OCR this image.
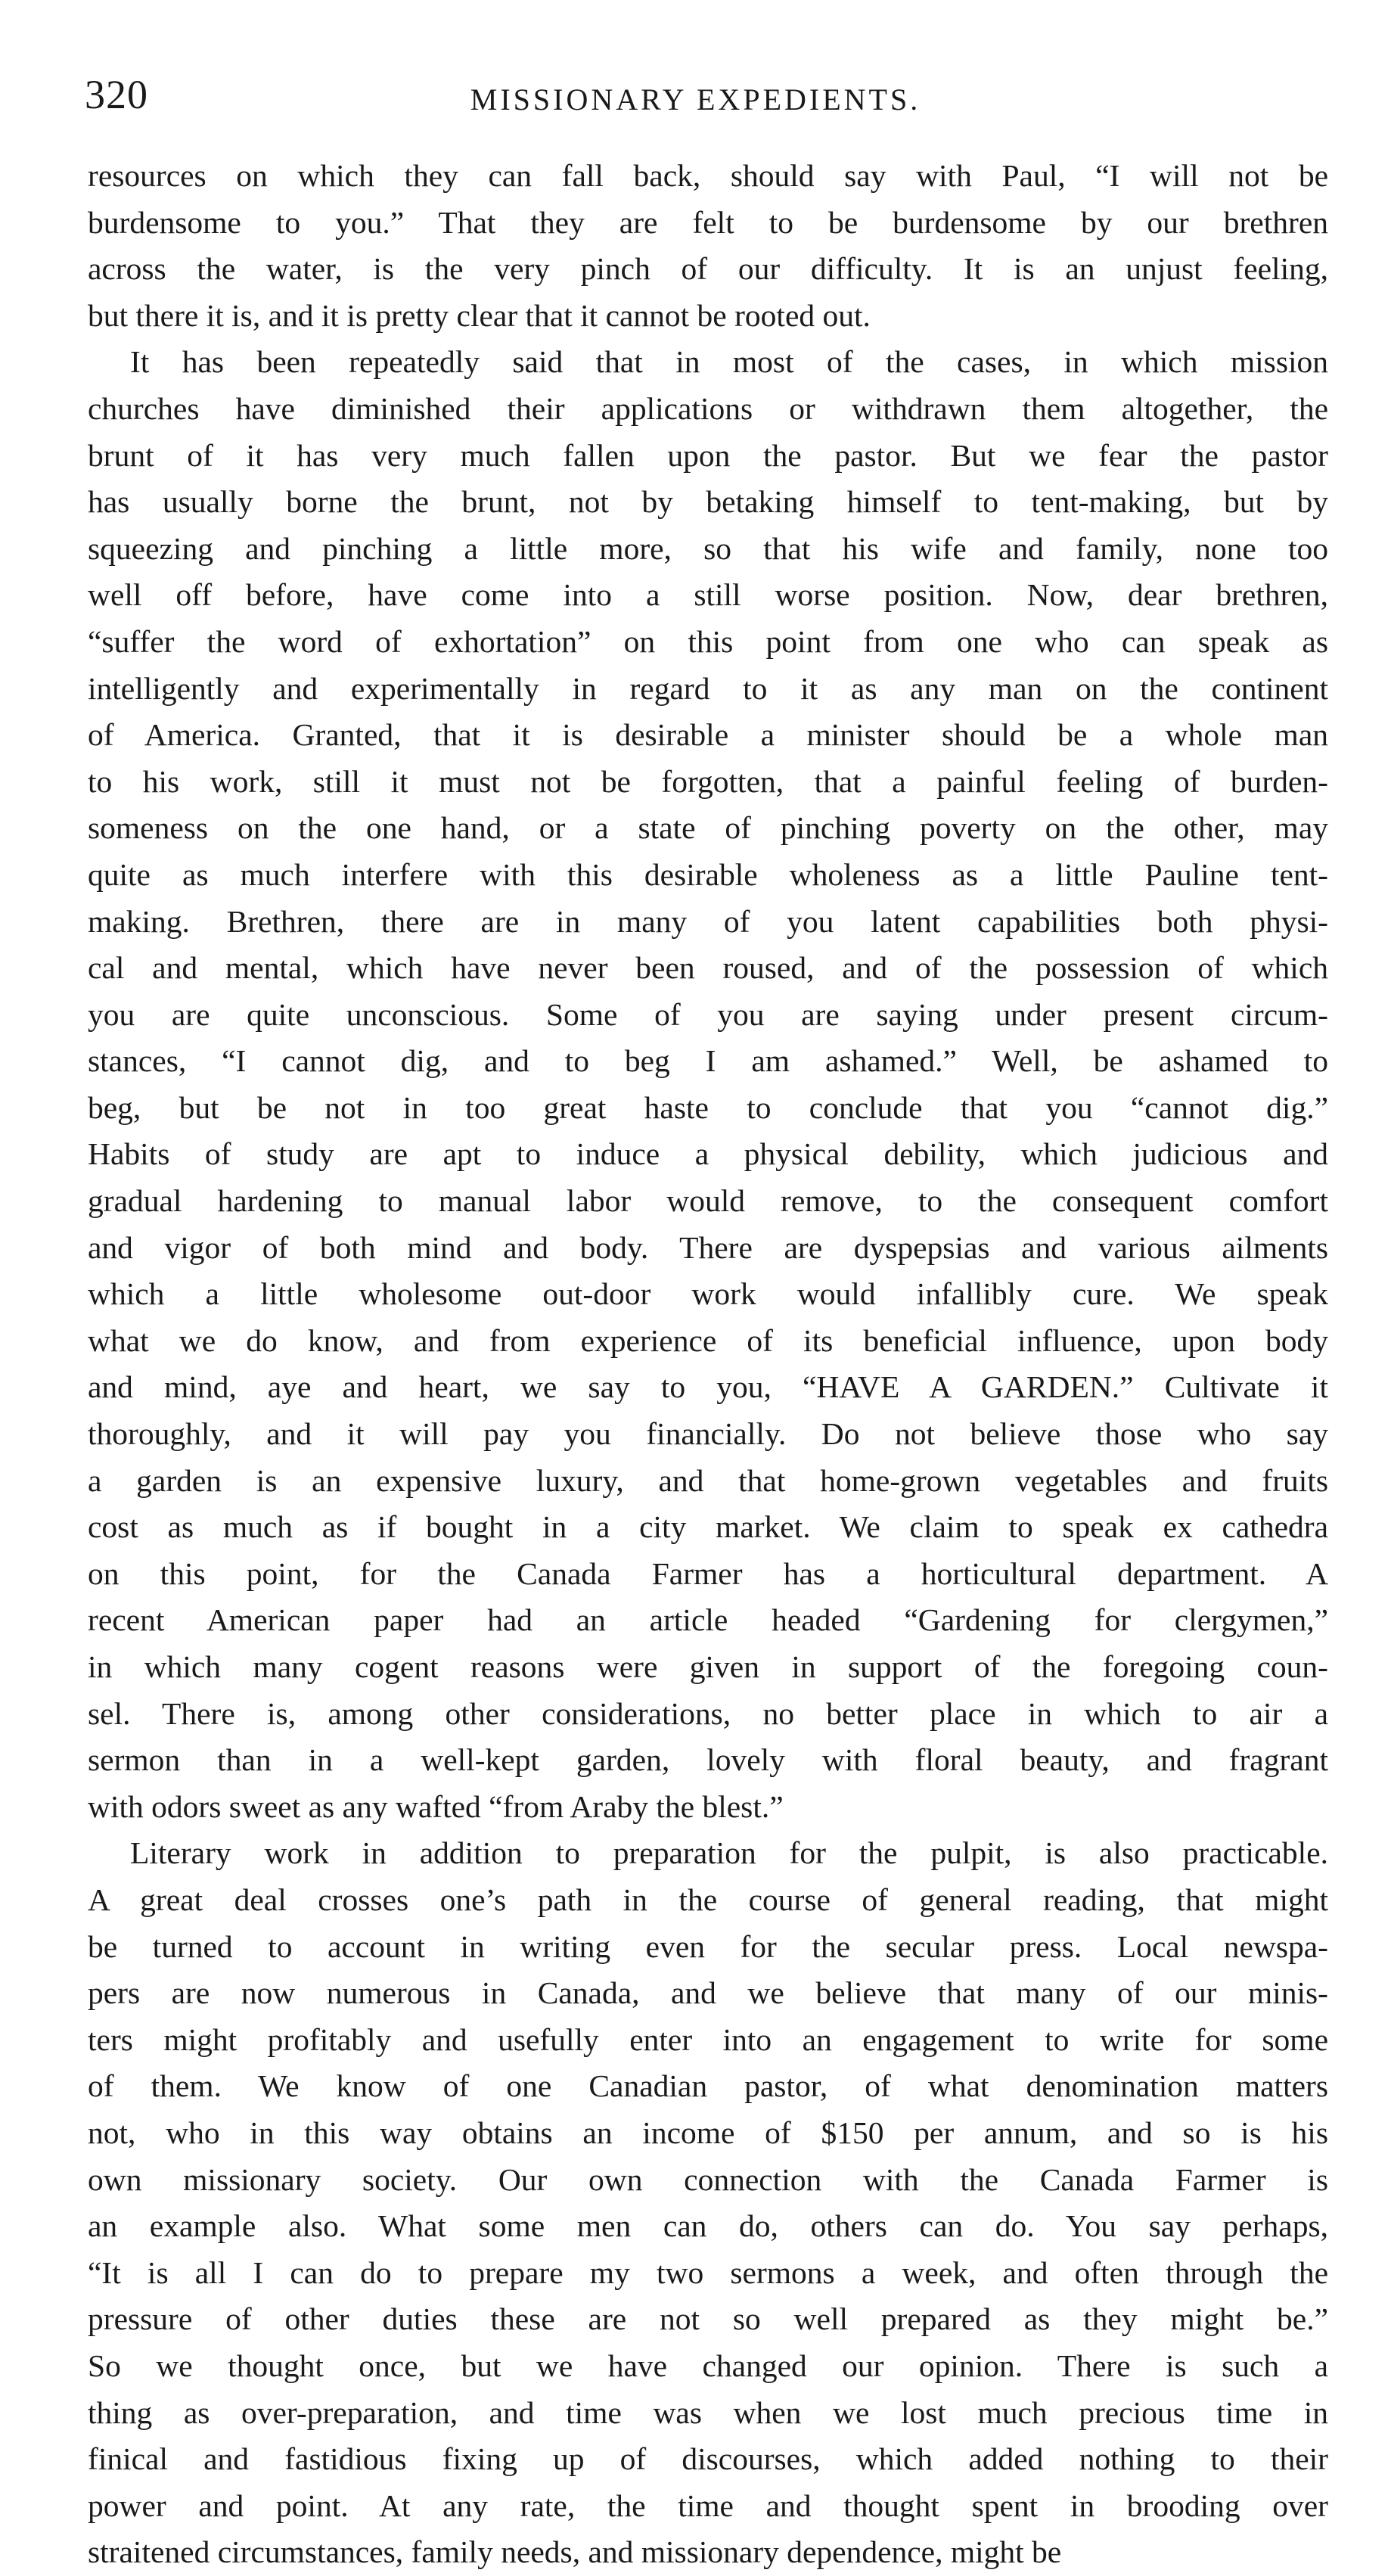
320	MISSIONARY EXPEDIENTS.
resources on which they can fall back, should say with Paul, “I will not be
burdensome to you.” That they are felt to be burdensome by our brethren
across the water, is the very pinch of our difficulty. It is an unjust feeling,
but there it is, and it is pretty clear that it cannot be rooted out.
It has been repeatedly said that in most of the cases, in which mission
churches have diminished their applications or withdrawn them altogether, the
brunt of it has very much fallen upon the pastor. But we fear the pastor
has usually borne the brunt, not by betaking himself to tent-making, but by
squeezing and pinching a little more, so that his wife and family, none too
well off before, have come into a still worse position. Now, dear brethren,
“suffer the word of exhortation” on this point from one who can speak as
intelligently and experimentally in regard to it as any man on the continent
of America. Granted, that it is desirable a minister should be a whole man
to his work, still it must not be forgotten, that a painful feeling of burden-
someness on the one hand, or a state of pinching poverty on the other, may
quite as much interfere with this desirable wholeness as a little Pauline tent-
making. Brethren, there are in many of you latent capabilities both physi-
cal and mental, which have never been roused, and of the possession of which
you are quite unconscious. Some of you are saying under present circum-
stances, “I cannot dig, and to beg I am ashamed.” Well, be ashamed to
beg, but be not in too great haste to conclude that you “cannot dig.”
Habits of study are apt to induce a physical debility, which judicious and
gradual hardening to manual labor would remove, to the consequent comfort
and vigor of both mind and body. There are dyspepsias and various ailments
which a little wholesome out-door work would infallibly cure. We speak
what we do know, and from experience of its beneficial influence, upon body
and mind, aye and heart, we say to you, “HAVE A GARDEN.” Cultivate it
thoroughly, and it will pay you financially. Do not believe those who say
a garden is an expensive luxury, and that home-grown vegetables and fruits
cost as much as if bought in a city market. We claim to speak ex cathedra
on this point, for the Canada Farmer has a horticultural department. A
recent American paper had an article headed “Gardening for clergymen,”
in which many cogent reasons were given in support of the foregoing coun-
sel. There is, among other considerations, no better place in which to air a
sermon than in a well-kept garden, lovely with floral beauty, and fragrant
with odors sweet as any wafted “from Araby the blest.”
Literary work in addition to preparation for the pulpit, is also practicable.
A great deal crosses one’s path in the course of general reading, that might
be turned to account in writing even for the secular press. Local newspa-
pers are now numerous in Canada, and we believe that many of our minis-
ters might profitably and usefully enter into an engagement to write for some
of them. We know of one Canadian pastor, of what denomination matters
not, who in this way obtains an income of $150 per annum, and so is his
own missionary society. Our own connection with the Canada Farmer is
an example also. What some men can do, others can do. You say perhaps,
“It is all I can do to prepare my two sermons a week, and often through the
pressure of other duties these are not so well prepared as they might be.”
So we thought once, but we have changed our opinion. There is such a
thing as over-preparation, and time was when we lost much precious time in
finical and fastidious fixing up of discourses, which added nothing to their
power and point. At any rate, the time and thought spent in brooding over
straitened circumstances, family needs, and missionary dependence, might be
